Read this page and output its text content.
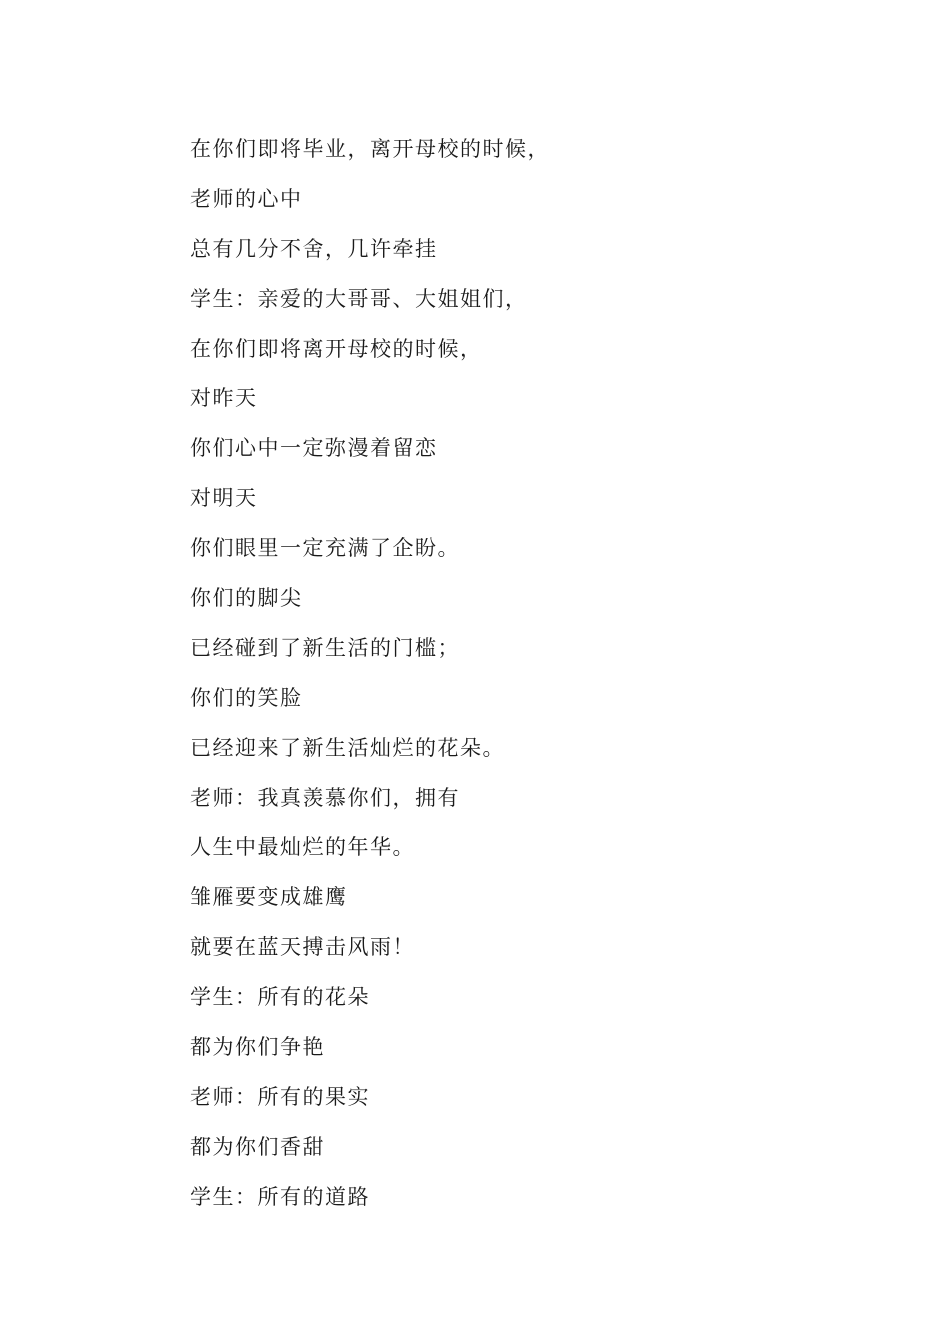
在你们即将毕业，离开母校的时候，
老师的心中
总有几分不舍，几许牵挂
学生：亲爱的大哥哥、大姐姐们，
在你们即将离开母校的时候，
对昨天
你们心中一定弥漫着留恋
对明天
你们眼里一定充满了企盼。
你们的脚尖
已经碰到了新生活的门槛；
你们的笑脸
已经迎来了新生活灿烂的花朵。
老师：我真羡慕你们，拥有
人生中最灿烂的年华。
雏雁要变成雄鹰
就要在蓝天搏击风雨！
学生：所有的花朵
都为你们争艳
老师：所有的果实
都为你们香甜
学生：所有的道路
